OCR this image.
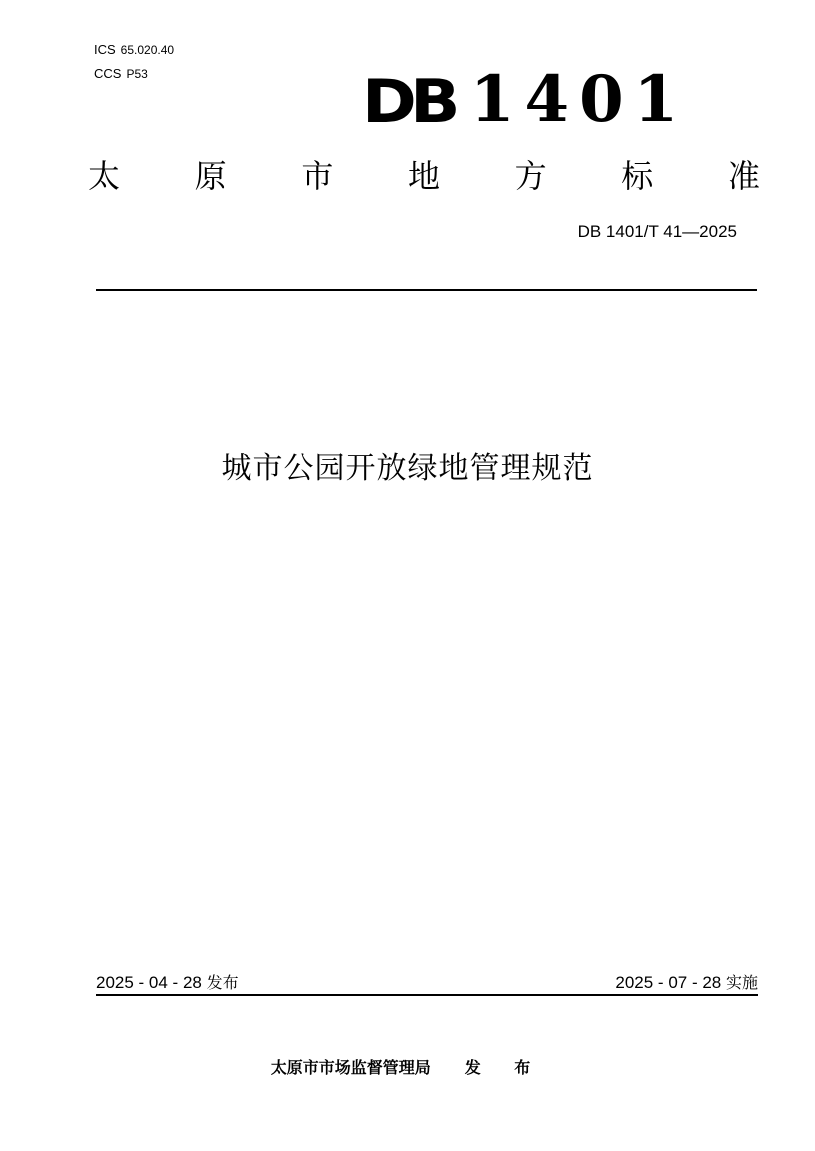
ICS 65.020.40
CCS P53	DB 1401
太 原 市 地 方 标 准
DB 1401/T 41—2025
城市公园开放绿地管理规范
2025 - 04 - 28 发布	2025 - 07 - 28 实施
太原市市场监督管理局 发 布
